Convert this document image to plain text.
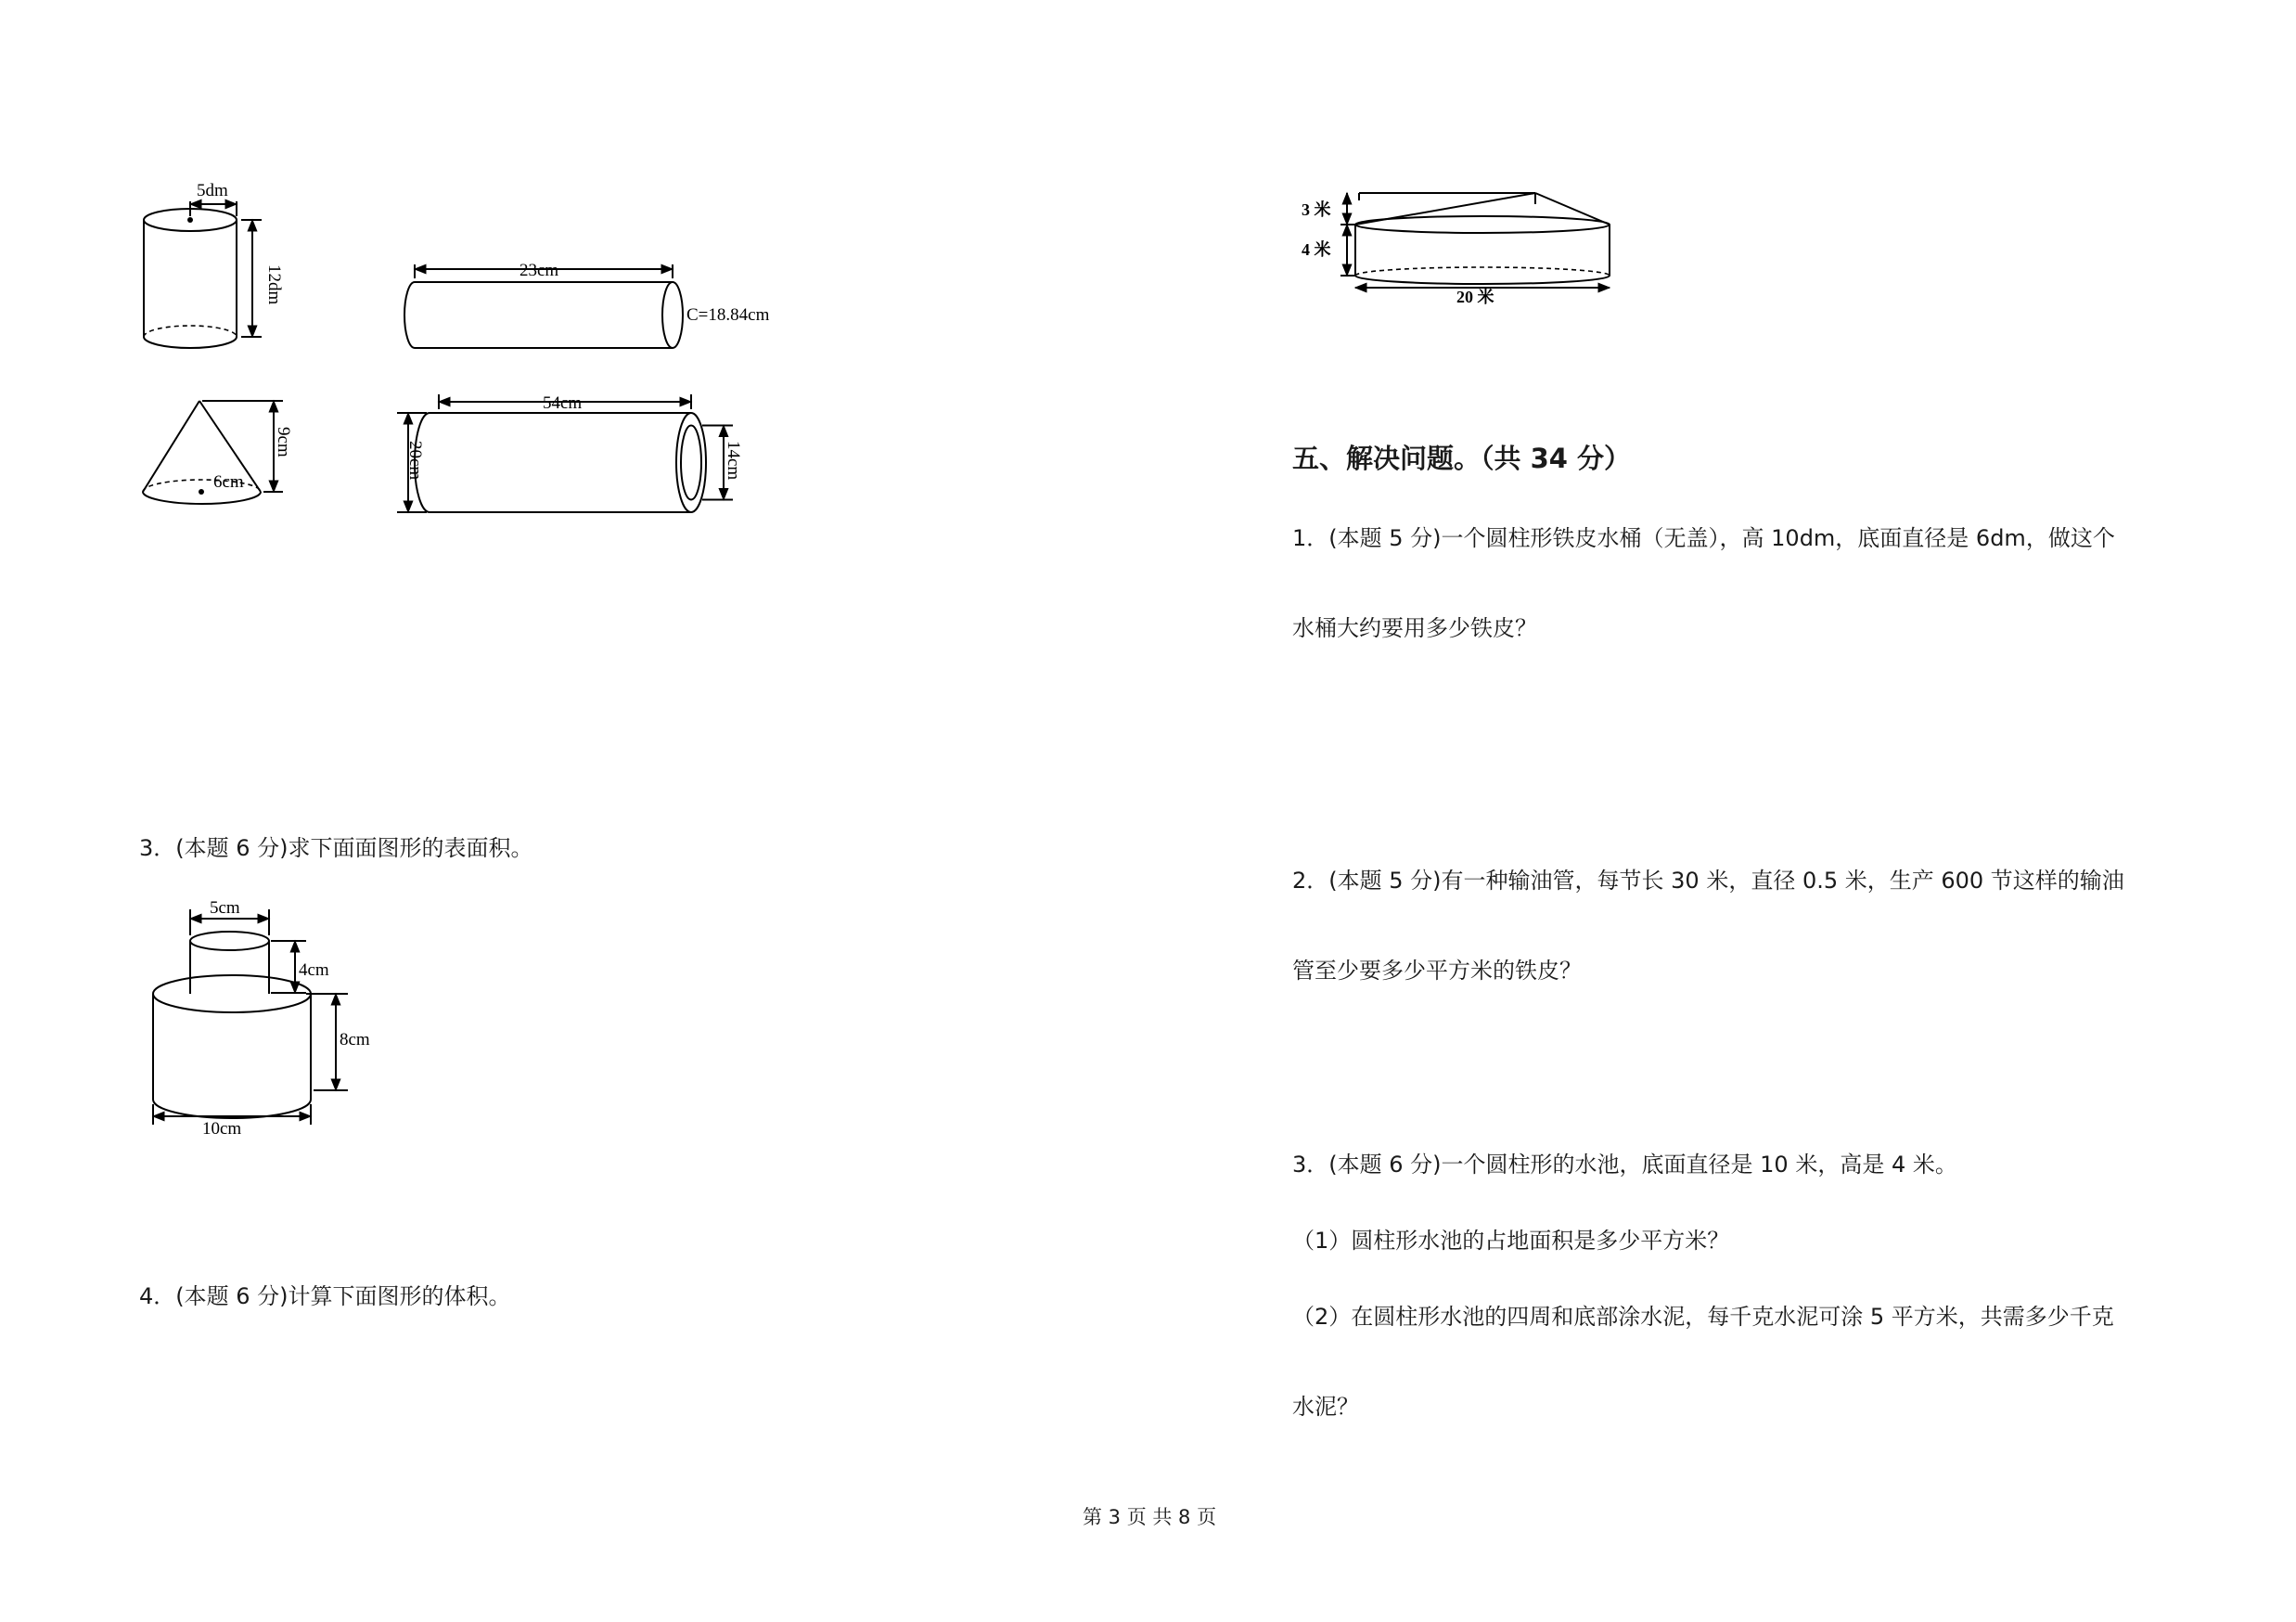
5dm
12dm	23cm
C=18.84cm
6cm
9cm
54cm
20cm	14cm
3．(本题 6 分)求下面面图形的表面积。
5cm
4cm
8cm
10cm
4．(本题 6 分)计算下面图形的体积。
3 米
4 米
20 米
五、解决问题。（共 34 分）
1．(本题 5 分)一个圆柱形铁皮水桶（无盖），高 10dm，底面直径是 6dm，做这个
水桶大约要用多少铁皮？
2．(本题 5 分)有一种输油管，每节长 30 米，直径 0.5 米，生产 600 节这样的输油
管至少要多少平方米的铁皮？
3．(本题 6 分)一个圆柱形的水池，底面直径是 10 米，高是 4 米。
（1）圆柱形水池的占地面积是多少平方米？
（2）在圆柱形水池的四周和底部涂水泥，每千克水泥可涂 5 平方米，共需多少千克
水泥？
第 3 页 共 8 页
